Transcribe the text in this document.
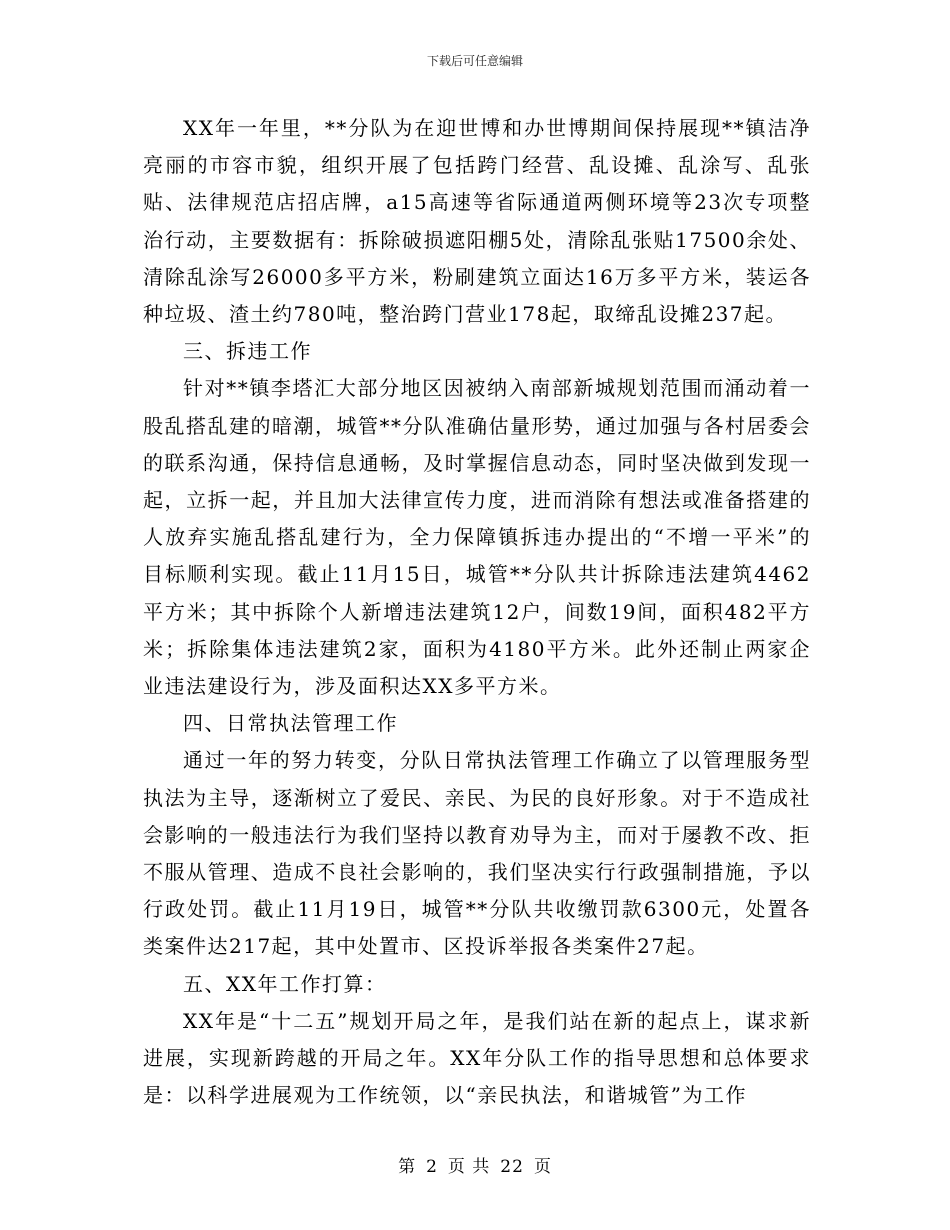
下载后可任意编辑

XX年一年里，**分队为在迎世博和办世博期间保持展现**镇洁净亮丽的市容市貌，组织开展了包括跨门经营、乱设摊、乱涂写、乱张贴、法律规范店招店牌，a15高速等省际通道两侧环境等23次专项整治行动，主要数据有：拆除破损遮阳棚5处，清除乱张贴17500余处、清除乱涂写26000多平方米，粉刷建筑立面达16万多平方米，装运各种垃圾、渣土约780吨，整治跨门营业178起，取缔乱设摊237起。

三、拆违工作

针对**镇李塔汇大部分地区因被纳入南部新城规划范围而涌动着一股乱搭乱建的暗潮，城管**分队准确估量形势，通过加强与各村居委会的联系沟通，保持信息通畅，及时掌握信息动态，同时坚决做到发现一起，立拆一起，并且加大法律宣传力度，进而消除有想法或准备搭建的人放弃实施乱搭乱建行为，全力保障镇拆违办提出的“不增一平米”的目标顺利实现。截止11月15日，城管**分队共计拆除违法建筑4462平方米；其中拆除个人新增违法建筑12户，间数19间，面积482平方米；拆除集体违法建筑2家，面积为4180平方米。此外还制止两家企业违法建设行为，涉及面积达XX多平方米。

四、日常执法管理工作

通过一年的努力转变，分队日常执法管理工作确立了以管理服务型执法为主导，逐渐树立了爱民、亲民、为民的良好形象。对于不造成社会影响的一般违法行为我们坚持以教育劝导为主，而对于屡教不改、拒不服从管理、造成不良社会影响的，我们坚决实行行政强制措施，予以行政处罚。截止11月19日，城管**分队共收缴罚款6300元，处置各类案件达217起，其中处置市、区投诉举报各类案件27起。

五、XX年工作打算：

XX年是“十二五”规划开局之年，是我们站在新的起点上，谋求新进展，实现新跨越的开局之年。XX年分队工作的指导思想和总体要求是：以科学进展观为工作统领，以“亲民执法，和谐城管”为工作

第 2 页 共 22 页
